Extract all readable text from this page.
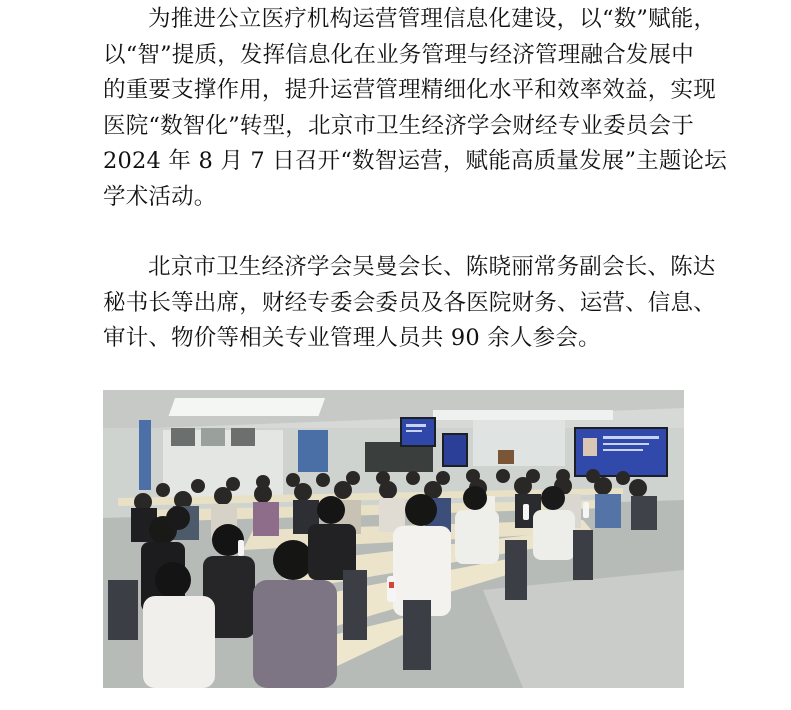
为推进公立医疗机构运营管理信息化建设，以“数”赋能，
以“智”提质，发挥信息化在业务管理与经济管理融合发展中
的重要支撑作用，提升运营管理精细化水平和效率效益，实现
医院“数智化”转型，北京市卫生经济学会财经专业委员会于
2024 年 8 月 7 日召开“数智运营，赋能高质量发展”主题论坛
学术活动。

北京市卫生经济学会吴曼会长、陈晓丽常务副会长、陈达
秘书长等出席，财经专委会委员及各医院财务、运营、信息、
审计、物价等相关专业管理人员共 90 余人参会。
